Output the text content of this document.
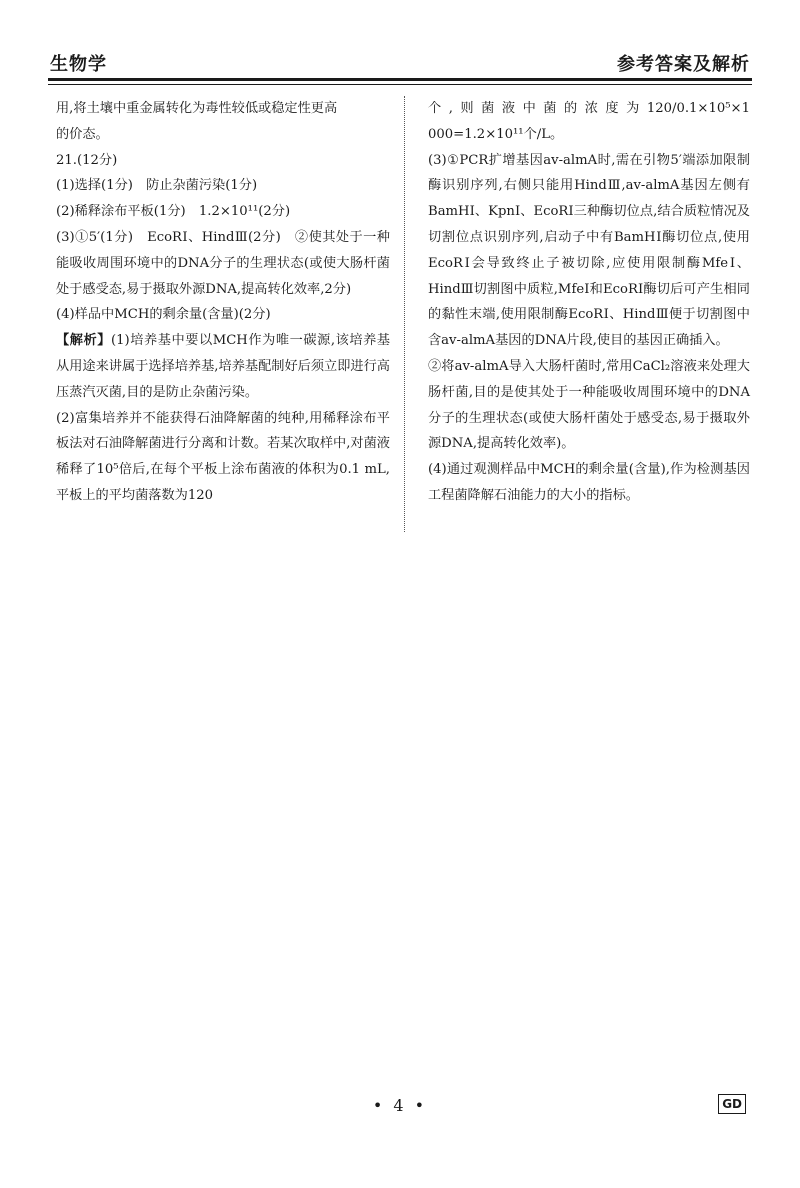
生物学	参考答案及解析

用,将土壤中重金属转化为毒性较低或稳定性更高

的价态。

21.(12分)

(1)选择(1分)　防止杂菌污染(1分)

(2)稀释涂布平板(1分)　1.2×10¹¹(2分)

(3)①5′(1分)　EcoRⅠ、HindⅢ(2分)　②使其处于一种能吸收周围环境中的DNA分子的生理状态(或使大肠杆菌处于感受态,易于摄取外源DNA,提高转化效率,2分)

(4)样品中MCH的剩余量(含量)(2分)

【解析】(1)培养基中要以MCH作为唯一碳源,该培养基从用途来讲属于选择培养基,培养基配制好后须立即进行高压蒸汽灭菌,目的是防止杂菌污染。

(2)富集培养并不能获得石油降解菌的纯种,用稀释涂布平板法对石油降解菌进行分离和计数。若某次取样中,对菌液稀释了10⁵倍后,在每个平板上涂布菌液的体积为0.1 mL,平板上的平均菌落数为120

个,则菌液中菌的浓度为120/0.1×10⁵×1 000=1.2×10¹¹个/L。

(3)①PCR扩增基因av-almA时,需在引物5′端添加限制酶识别序列,右侧只能用HindⅢ,av-almA基因左侧有BamHⅠ、KpnⅠ、EcoRⅠ三种酶切位点,结合质粒情况及切割位点识别序列,启动子中有BamHⅠ酶切位点,使用EcoRⅠ会导致终止子被切除,应使用限制酶MfeⅠ、HindⅢ切割图中质粒,MfeⅠ和EcoRⅠ酶切后可产生相同的黏性末端,使用限制酶EcoRⅠ、HindⅢ便于切割图中含av-almA基因的DNA片段,使目的基因正确插入。

②将av-almA导入大肠杆菌时,常用CaCl₂溶液来处理大肠杆菌,目的是使其处于一种能吸收周围环境中的DNA分子的生理状态(或使大肠杆菌处于感受态,易于摄取外源DNA,提高转化效率)。

(4)通过观测样品中MCH的剩余量(含量),作为检测基因工程菌降解石油能力的大小的指标。

• 4 •	GD
